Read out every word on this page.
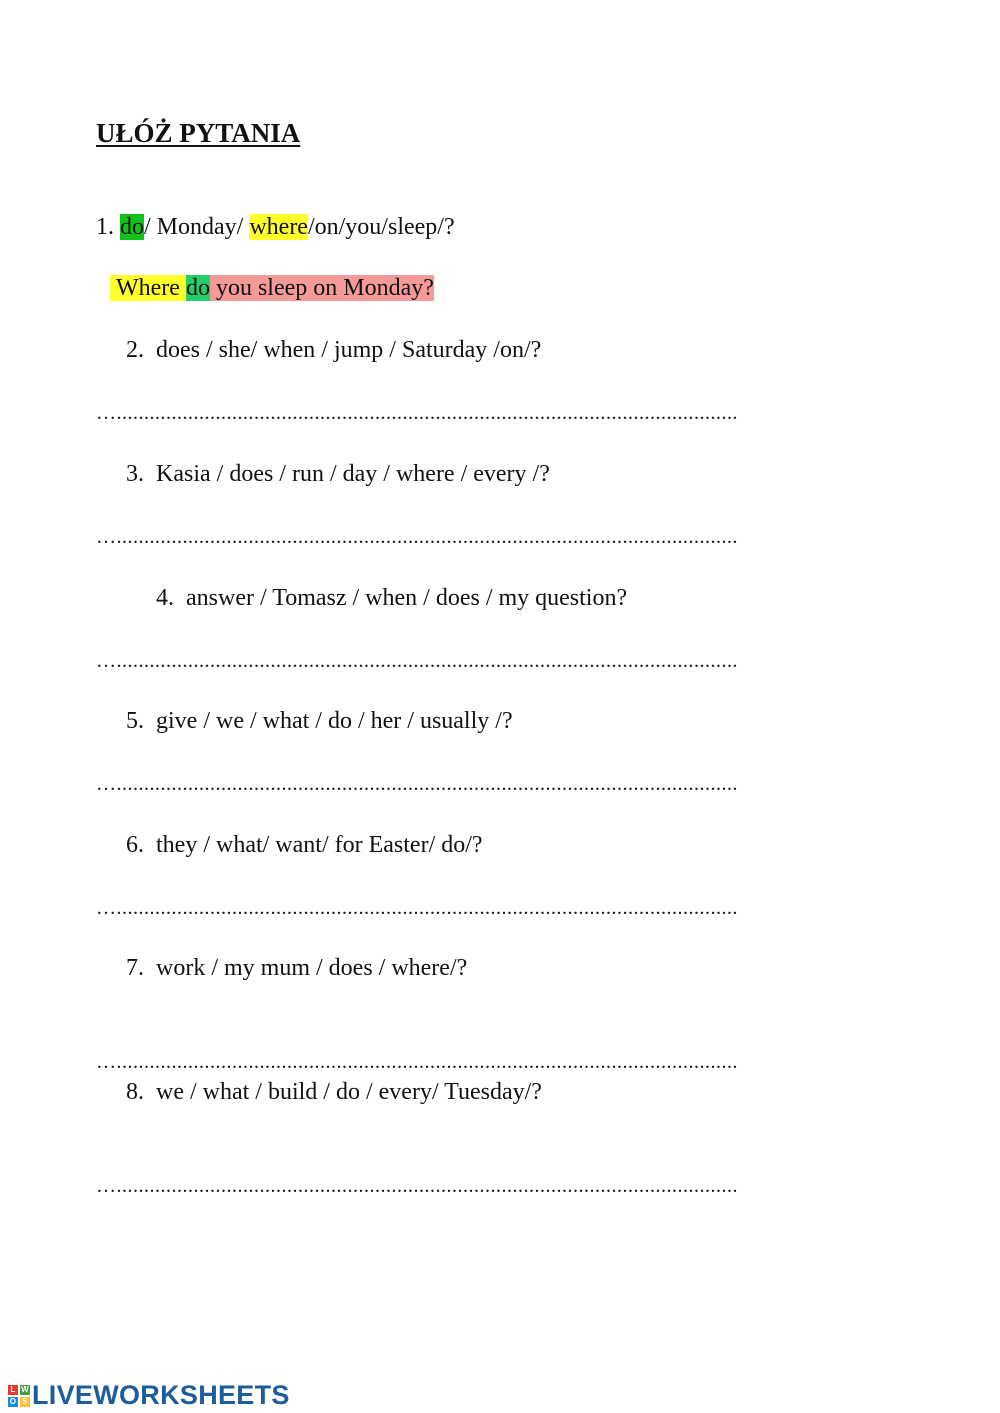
UŁÓŻ PYTANIA
1. do/ Monday/ where/on/you/sleep/?
Where do you sleep on Monday?
2. does / she/ when / jump / Saturday /on/?
….................................................................................................................
3. Kasia / does / run / day / where / every /?
….................................................................................................................
4. answer / Tomasz / when / does / my question?
….................................................................................................................
5. give / we / what / do / her / usually /?
….................................................................................................................
6. they / what/ want/ for Easter/ do/?
….................................................................................................................
7. work / my mum / does / where/?
….................................................................................................................
8. we / what / build / do / every/ Tuesday/?
….................................................................................................................
L W
O S LIVEWORKSHEETS
